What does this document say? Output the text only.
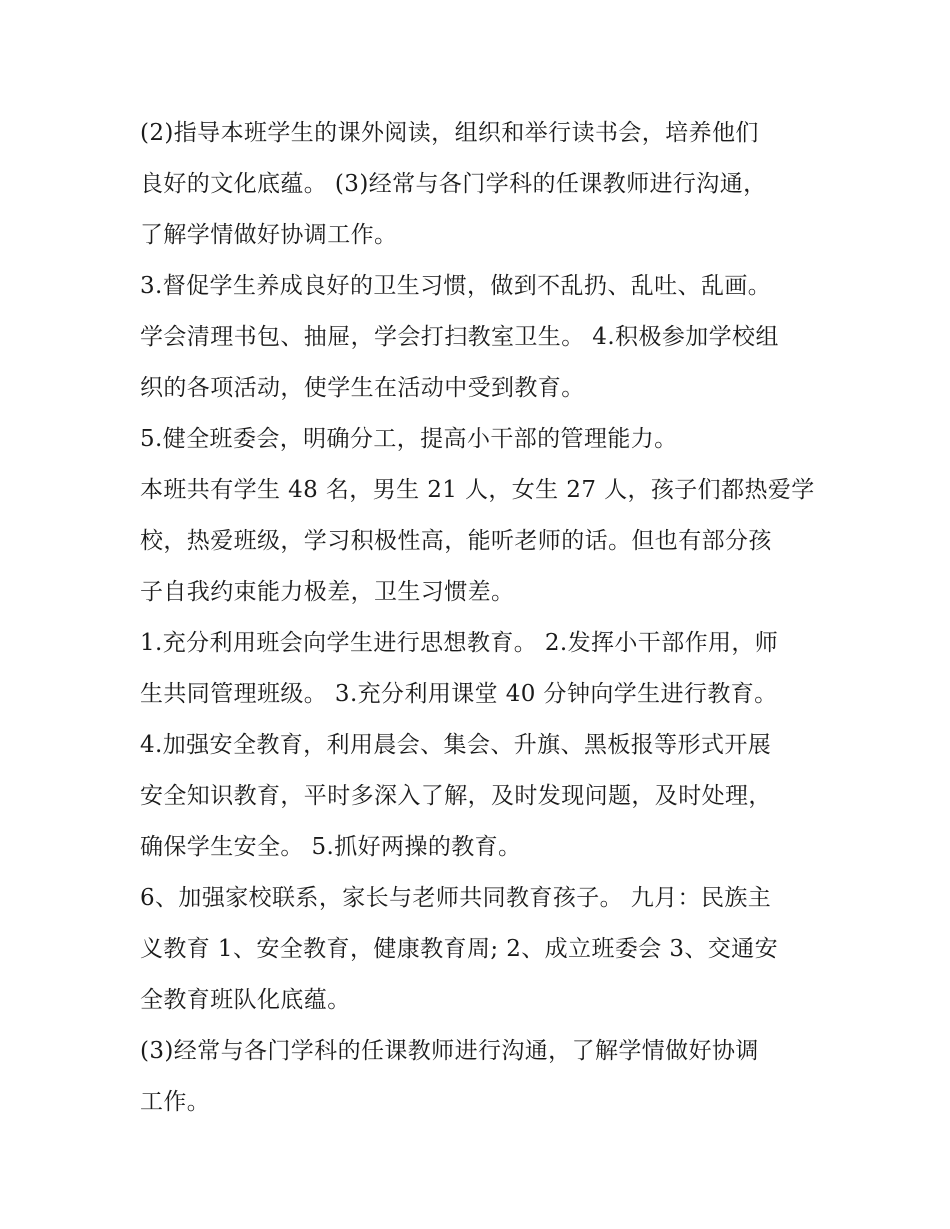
(2)指导本班学生的课外阅读，组织和举行读书会，培养他们
良好的文化底蕴。 (3)经常与各门学科的任课教师进行沟通，
了解学情做好协调工作。

3.督促学生养成良好的卫生习惯，做到不乱扔、乱吐、乱画。
学会清理书包、抽屉，学会打扫教室卫生。 4.积极参加学校组
织的各项活动，使学生在活动中受到教育。

5.健全班委会，明确分工，提高小干部的管理能力。

本班共有学生 48 名，男生 21 人，女生 27 人，孩子们都热爱学
校，热爱班级，学习积极性高，能听老师的话。但也有部分孩
子自我约束能力极差，卫生习惯差。

1.充分利用班会向学生进行思想教育。 2.发挥小干部作用，师
生共同管理班级。 3.充分利用课堂 40 分钟向学生进行教育。

4.加强安全教育，利用晨会、集会、升旗、黑板报等形式开展
安全知识教育，平时多深入了解，及时发现问题，及时处理，
确保学生安全。 5.抓好两操的教育。

6、加强家校联系，家长与老师共同教育孩子。 九月：民族主
义教育 1、安全教育，健康教育周; 2、成立班委会 3、交通安
全教育班队化底蕴。

(3)经常与各门学科的任课教师进行沟通，了解学情做好协调
工作。
